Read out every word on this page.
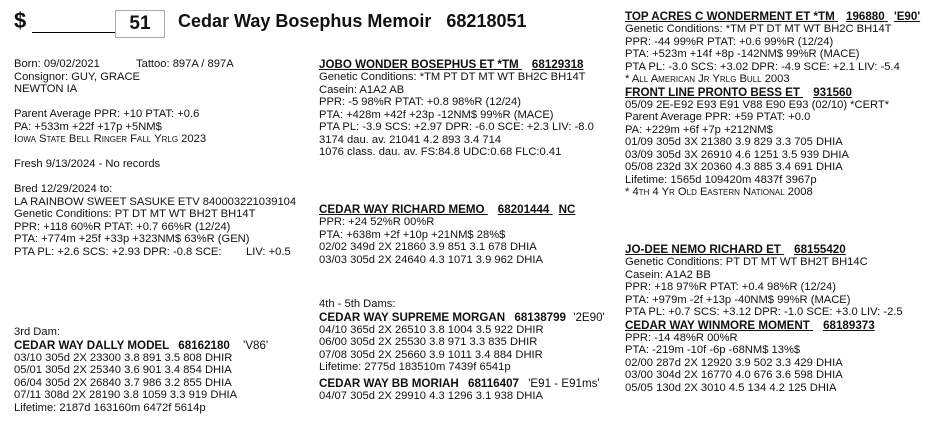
$	51	Cedar Way Bosephus Memoir 68218051
Born: 09/02/2021	Tattoo: 897A / 897A
Consignor: GUY, GRACE
NEWTON IA
Parent Average PPR: +10 PTAT: +0.6
PA: +533m +22f +17p +5NM$
Iowa State Bell Ringer Fall Yrlg 2023
Fresh 9/13/2024 - No records
Bred 12/29/2024 to:
LA RAINBOW SWEET SASUKE ETV 840003221039104
Genetic Conditions: PT DT MT WT BH2T BH14T
PPR: +118 60%R PTAT: +0.7 66%R (12/24)
PTA: +774m +25f +33p +323NM$ 63%R (GEN)
PTA PL: +2.6 SCS: +2.93 DPR: -0.8 SCE: LIV: +0.5
3rd Dam:
CEDAR WAY DALLY MODEL 68162180 'V86'
03/10 305d 2X 23300 3.8 891 3.5 808 DHIR
05/01 305d 2X 25340 3.6 901 3.4 854 DHIA
06/04 305d 2X 26840 3.7 986 3.2 855 DHIA
07/11 308d 2X 28190 3.8 1059 3.3 919 DHIA
Lifetime: 2187d 163160m 6472f 5614p
JOBO WONDER BOSEPHUS ET *TM 68129318
Genetic Conditions: *TM PT DT MT WT BH2C BH14T
Casein: A1A2 AB
PPR: -5 98%R PTAT: +0.8 98%R (12/24)
PTA: +428m +42f +23p -12NM$ 99%R (MACE)
PTA PL: -3.9 SCS: +2.97 DPR: -6.0 SCE: +2.3 LIV: -8.0
3174 dau. av. 21041 4.2 893 3.4 714
1076 class. dau. av. FS:84.8 UDC:0.68 FLC:0.41
CEDAR WAY RICHARD MEMO 68201444 NC
PPR: +24 52%R 00%R
PTA: +638m +2f +10p +21NM$ 28%$
02/02 349d 2X 21860 3.9 851 3.1 678 DHIA
03/03 305d 2X 24640 4.3 1071 3.9 962 DHIA
4th - 5th Dams:
CEDAR WAY SUPREME MORGAN 68138799 '2E90'
04/10 365d 2X 26510 3.8 1004 3.5 922 DHIR
06/00 305d 2X 25530 3.8 971 3.3 835 DHIR
07/08 305d 2X 25660 3.9 1011 3.4 884 DHIR
Lifetime: 2775d 183510m 7439f 6541p
CEDAR WAY BB MORIAH 68116407 'E91 - E91ms'
04/07 305d 2X 29910 4.3 1296 3.1 938 DHIA
TOP ACRES C WONDERMENT ET *TM 196880 'E90'
Genetic Conditions: *TM PT DT MT WT BH2C BH14T
PPR: -44 99%R PTAT: +0.6 99%R (12/24)
PTA: +523m +14f +8p -142NM$ 99%R (MACE)
PTA PL: -3.0 SCS: +3.02 DPR: -4.9 SCE: +2.1 LIV: -5.4
* All American Jr Yrlg Bull 2003
FRONT LINE PRONTO BESS ET 931560
05/09 2E-E92 E93 E91 V88 E90 E93 (02/10) *CERT*
Parent Average PPR: +59 PTAT: +0.0
PA: +229m +6f +7p +212NM$
01/09 305d 3X 21380 3.9 829 3.3 705 DHIA
03/09 305d 3X 26910 4.6 1251 3.5 939 DHIA
05/08 232d 3X 20360 4.3 885 3.4 691 DHIA
Lifetime: 1565d 109420m 4837f 3967p
* 4th 4 Yr Old Eastern National 2008
JO-DEE NEMO RICHARD ET 68155420
Genetic Conditions: PT DT MT WT BH2T BH14C
Casein: A1A2 BB
PPR: +18 97%R PTAT: +0.4 98%R (12/24)
PTA: +979m -2f +13p -40NM$ 99%R (MACE)
PTA PL: +0.7 SCS: +3.12 DPR: -1.0 SCE: +3.0 LIV: -2.5
CEDAR WAY WINMORE MOMENT 68189373
PPR: -14 48%R 00%R
PTA: -219m -10f -6p -68NM$ 13%$
02/00 287d 2X 12920 3.9 502 3.3 429 DHIA
03/00 304d 2X 16770 4.0 676 3.6 598 DHIA
05/05 130d 2X 3010 4.5 134 4.2 125 DHIA
